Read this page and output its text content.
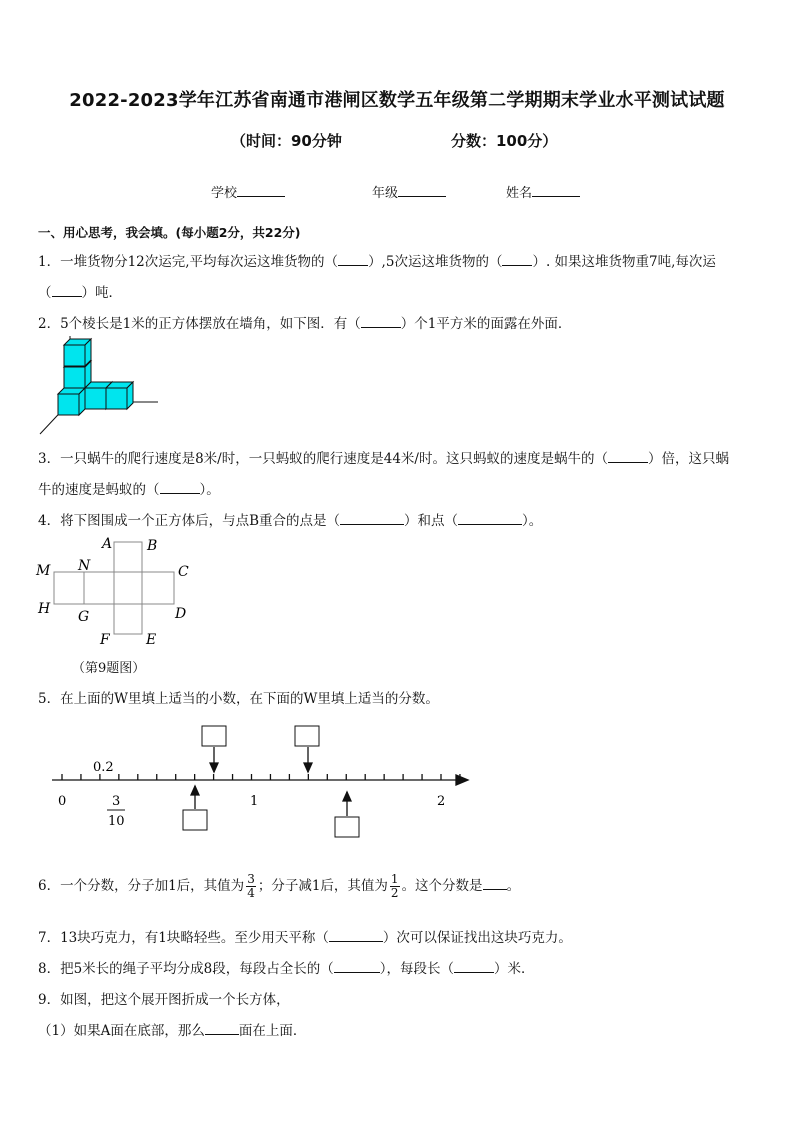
2022-2023学年江苏省南通市港闸区数学五年级第二学期期末学业水平测试试题
（时间：90分钟	分数：100分）
学校	年级	姓名
一、用心思考，我会填。(每小题2分，共22分)
1．一堆货物分12次运完,平均每次运这堆货物的（ ）,5次运这堆货物的（ ）. 如果这堆货物重7吨,每次运
（ ）吨．
2．5个棱长是1米的正方体摆放在墙角，如下图．有（	）个1平方米的面露在外面．
3．一只蜗牛的爬行速度是8米/时，一只蚂蚁的爬行速度是44米/时。这只蚂蚁的速度是蜗牛的（	）倍，这只蜗
牛的速度是蚂蚁的（	）。
4．将下图围成一个正方体后，与点B重合的点是（	）和点（	）。
A B
M N	C
H G	D
F	E
（第9题图）
5．在上面的W里填上适当的小数，在下面的W里填上适当的分数。
0.2
0	1	2
3
10
6．一个分数，分子加1后，其值为 $\frac{3}{4}$ ；分子减1后，其值为 $\frac{1}{2}$ 。这个分数是 。
7．13块巧克力，有1块略轻些。至少用天平称（	）次可以保证找出这块巧克力。
8．把5米长的绳子平均分成8段，每段占全长的（	），每段长（	）米．
9．如图，把这个展开图折成一个长方体，
（1）如果A面在底部，那么	面在上面．
